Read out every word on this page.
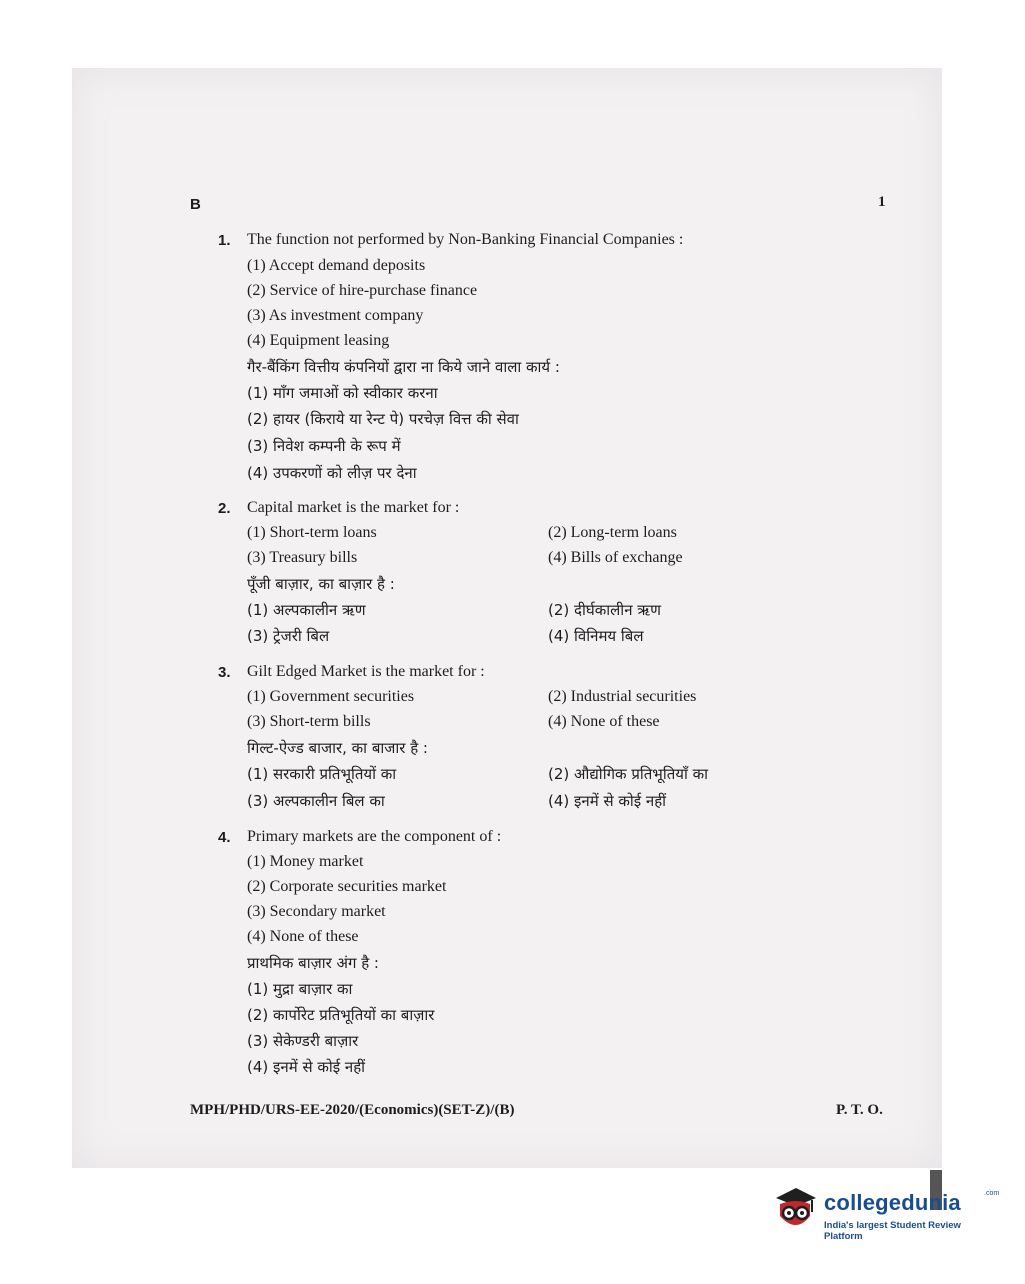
B	1
1. The function not performed by Non-Banking Financial Companies :
(1) Accept demand deposits
(2) Service of hire-purchase finance
(3) As investment company
(4) Equipment leasing
गैर-बैंकिंग वित्तीय कंपनियों द्वारा ना किये जाने वाला कार्य :
(1) माँग जमाओं को स्वीकार करना
(2) हायर (किराये या रेन्ट पे) परचेज़ वित्त की सेवा
(3) निवेश कम्पनी के रूप में
(4) उपकरणों को लीज़ पर देना
2. Capital market is the market for :
(1) Short-term loans	(2) Long-term loans
(3) Treasury bills	(4) Bills of exchange
पूँजी बाज़ार, का बाज़ार है :
(1) अल्पकालीन ऋण	(2) दीर्घकालीन ऋण
(3) ट्रेजरी बिल	(4) विनिमय बिल
3. Gilt Edged Market is the market for :
(1) Government securities	(2) Industrial securities
(3) Short-term bills	(4) None of these
गिल्ट-ऐज्ड बाजार, का बाजार है :
(1) सरकारी प्रतिभूतियों का	(2) औद्योगिक प्रतिभूतियाँ का
(3) अल्पकालीन बिल का	(4) इनमें से कोई नहीं
4. Primary markets are the component of :
(1) Money market
(2) Corporate securities market
(3) Secondary market
(4) None of these
प्राथमिक बाज़ार अंग है :
(1) मुद्रा बाज़ार का
(2) कार्पोरेट प्रतिभूतियों का बाज़ार
(3) सेकेण्डरी बाज़ार
(4) इनमें से कोई नहीं
MPH/PHD/URS-EE-2020/(Economics)(SET-Z)/(B)	P. T. O.
collegedunia	.com
India's largest Student Review Platform
